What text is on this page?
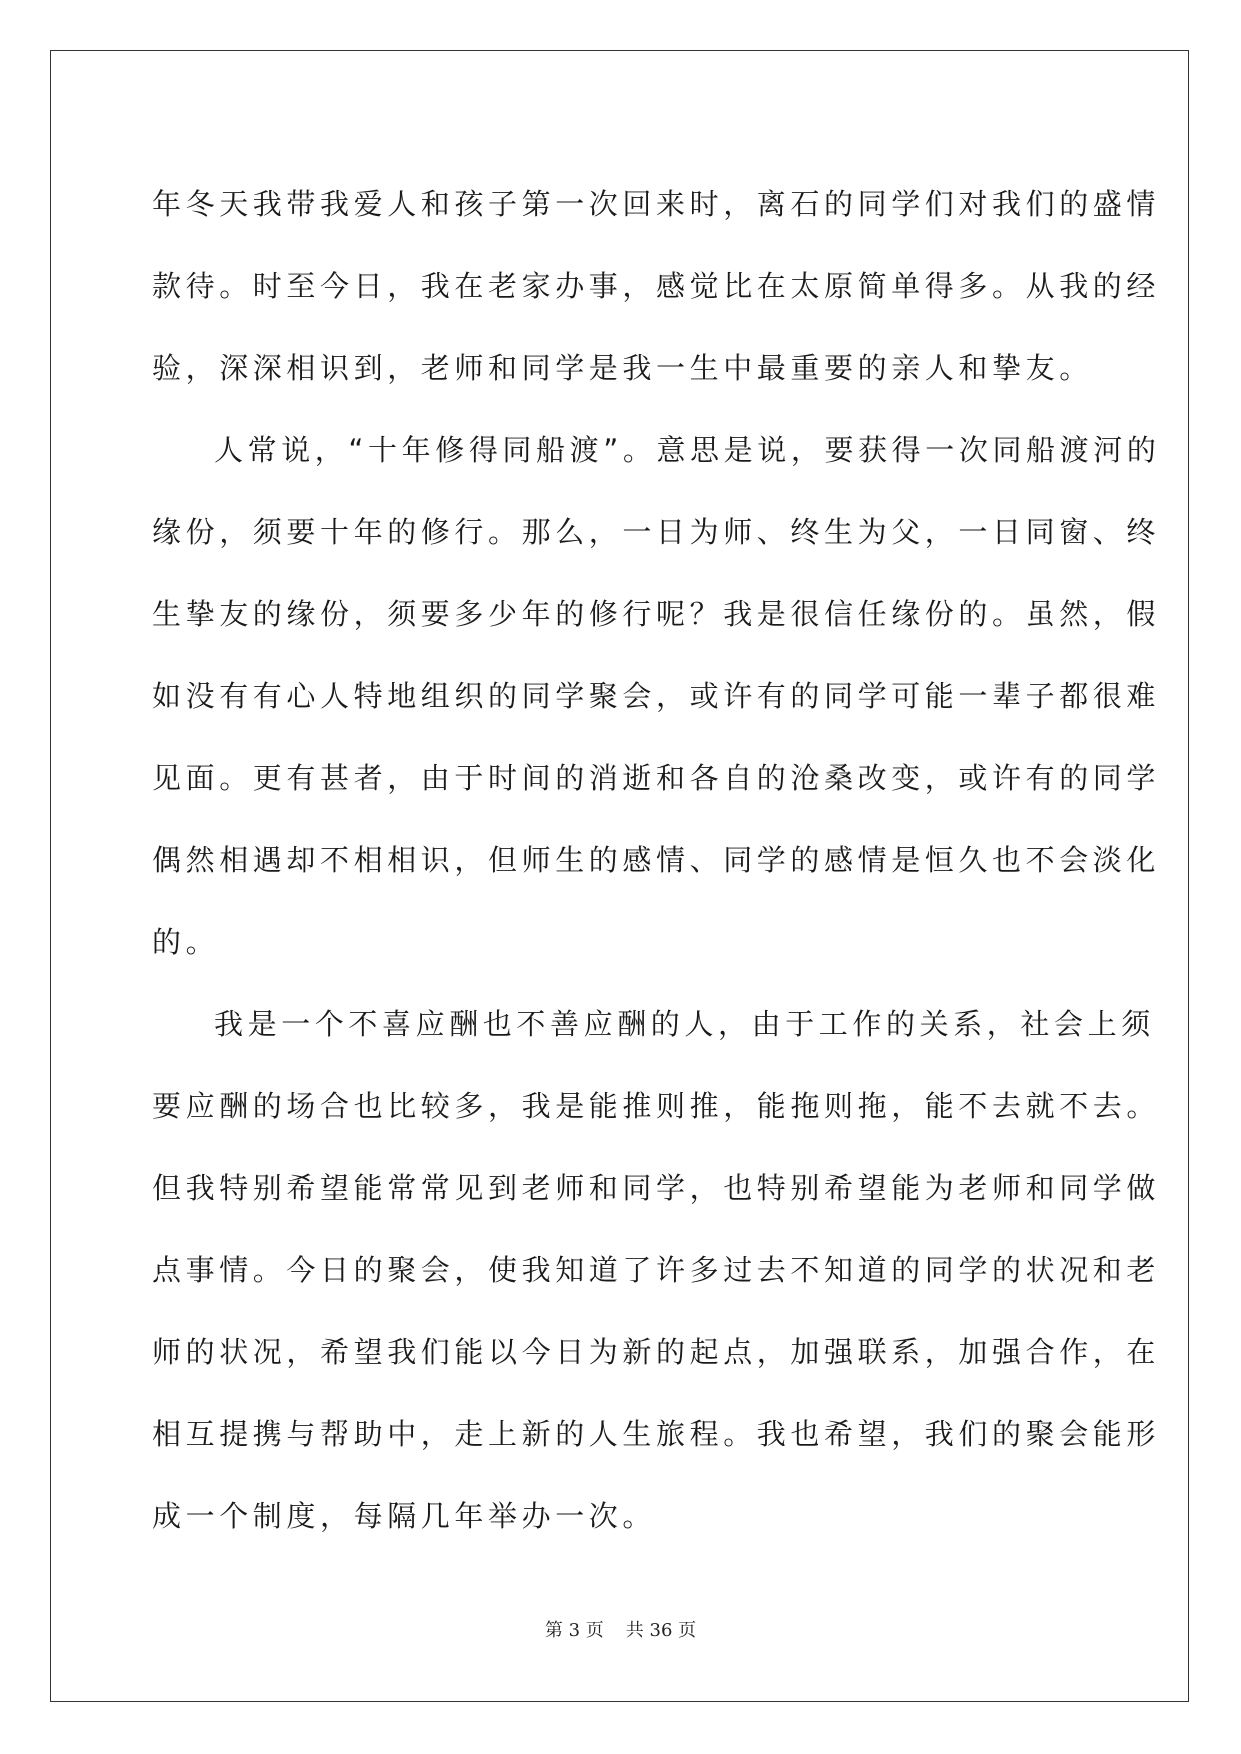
年冬天我带我爱人和孩子第一次回来时，离石的同学们对我们的盛情
款待。时至今日，我在老家办事，感觉比在太原简单得多。从我的经
验，深深相识到，老师和同学是我一生中最重要的亲人和挚友。

人常说，“十年修得同船渡”。意思是说，要获得一次同船渡河的
缘份，须要十年的修行。那么，一日为师、终生为父，一日同窗、终
生挚友的缘份，须要多少年的修行呢？我是很信任缘份的。虽然，假
如没有有心人特地组织的同学聚会，或许有的同学可能一辈子都很难
见面。更有甚者，由于时间的消逝和各自的沧桑改变，或许有的同学
偶然相遇却不相相识，但师生的感情、同学的感情是恒久也不会淡化
的。

我是一个不喜应酬也不善应酬的人，由于工作的关系，社会上须
要应酬的场合也比较多，我是能推则推，能拖则拖，能不去就不去。
但我特别希望能常常见到老师和同学，也特别希望能为老师和同学做
点事情。今日的聚会，使我知道了许多过去不知道的同学的状况和老
师的状况，希望我们能以今日为新的起点，加强联系，加强合作，在
相互提携与帮助中，走上新的人生旅程。我也希望，我们的聚会能形
成一个制度，每隔几年举办一次。

第 3 页 共 36 页
